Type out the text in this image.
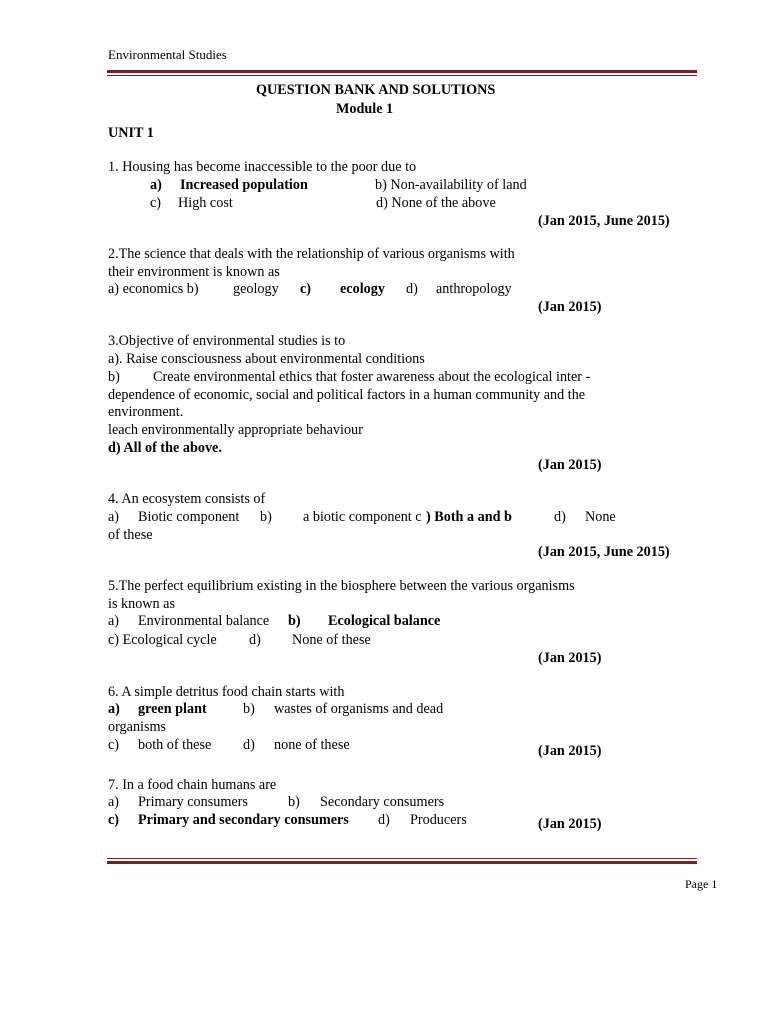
Environmental Studies
QUESTION BANK AND SOLUTIONS
Module 1
UNIT 1
1. Housing has become inaccessible to the poor due to
a) Increased population	b) Non-availability of land
c) High cost	d) None of the above
(Jan 2015, June 2015)
2.The science that deals with the relationship of various organisms with
their environment is known as
a) economics b) geology c) ecology d) anthropology
(Jan 2015)
3.Objective of environmental studies is to
a). Raise consciousness about environmental conditions
b) Create environmental ethics that foster awareness about the ecological inter -
dependence of economic, social and political factors in a human community and the
environment.
leach environmentally appropriate behaviour
d) All of the above.
(Jan 2015)
4. An ecosystem consists of
a) Biotic component b) a biotic component c ) Both a and b	d) None
of these
(Jan 2015, June 2015)
5.The perfect equilibrium existing in the biosphere between the various organisms
is known as
a) Environmental balance b) Ecological balance
c) Ecological cycle d) None of these
(Jan 2015)
6. A simple detritus food chain starts with
a) green plant	b) wastes of organisms and dead
organisms
c) both of these d) none of these	(Jan 2015)
7. In a food chain humans are
a) Primary consumers	b) Secondary consumers
c) Primary and secondary consumers d) Producers	(Jan 2015)
Page 1
